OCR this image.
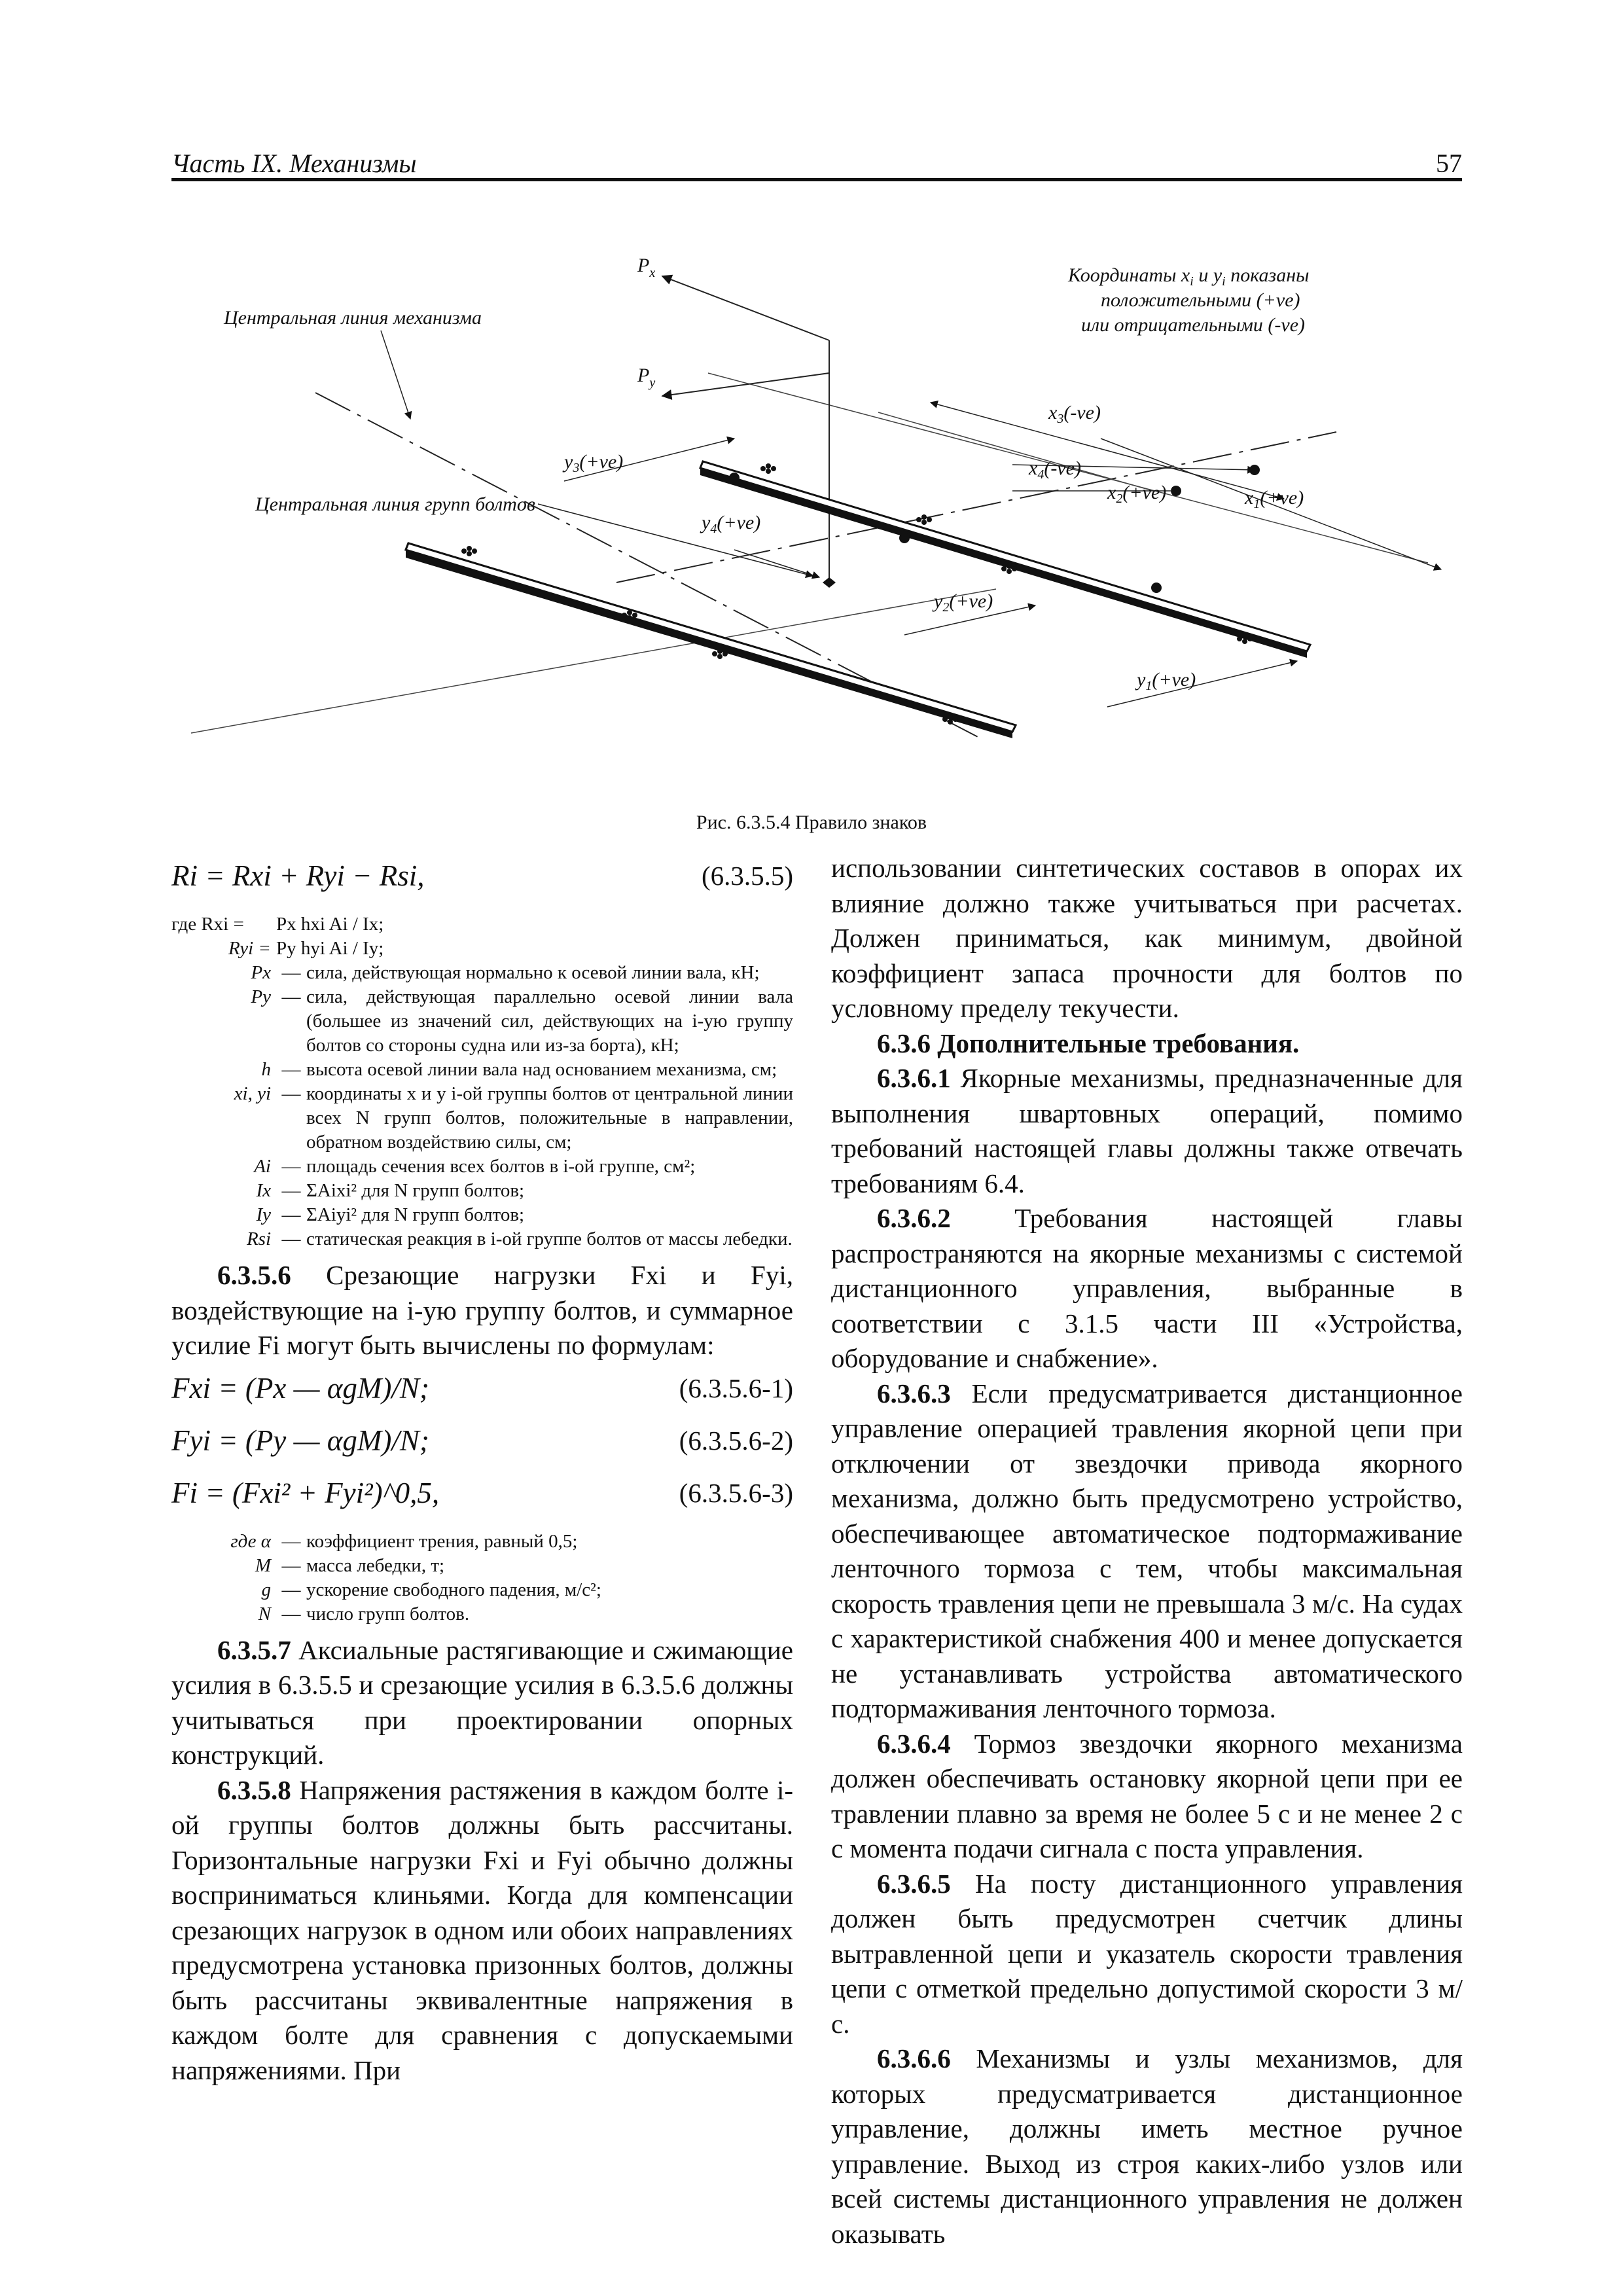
Часть IX. Механизмы	57
$P_x$
$P_y$
Центральная линия механизма
Центральная линия групп болтов
Координаты $x_i$ и $y_i$ показаны
положительными (+ve)
или отрицательными (-ve)
$x_3(-ve)$
$x_4(-ve)$
$x_2(+ve)$	$x_1(+ve)$
$y_3(+ve)$
$y_4(+ve)$
$y_2(+ve)$
$y_1(+ve)$
Рис. 6.3.5.4 Правило знаков
Ri = Rxi + Ryi − Rsi,	(6.3.5.5)
где Rxi =	Px hxi Ai / Ix;
Ryi = Py hyi Ai / Iy;
Px — сила, действующая нормально к осевой линии вала, кН;
Py — сила, действующая параллельно осевой линии вала (большее из значений сил, действующих на i-ую группу болтов со стороны судна или из-за борта), кН;
h — высота осевой линии вала над основанием механизма, см;
xi, yi — координаты x и y i-ой группы болтов от центральной линии всех N групп болтов, положительные в направлении, обратном воздействию силы, см;
Ai — площадь сечения всех болтов в i-ой группе, см²;
Ix — ΣAixi² для N групп болтов;
Iy — ΣAiyi² для N групп болтов;
Rsi — статическая реакция в i-ой группе болтов от массы лебедки.

6.3.5.6 Срезающие нагрузки Fxi и Fyi, воздействующие на i-ую группу болтов, и суммарное усилие Fi могут быть вычислены по формулам:

Fxi = (Px — αgM)/N;	(6.3.5.6-1)
Fyi = (Py — αgM)/N;	(6.3.5.6-2)
Fi = (Fxi² + Fyi²)^0,5,	(6.3.5.6-3)
где α — коэффициент трения, равный 0,5;
M — масса лебедки, т;
g — ускорение свободного падения, м/с²;
N — число групп болтов.

6.3.5.7 Аксиальные растягивающие и сжимающие усилия в 6.3.5.5 и срезающие усилия в 6.3.5.6 должны учитываться при проектировании опорных конструкций.

6.3.5.8 Напряжения растяжения в каждом болте i-ой группы болтов должны быть рассчитаны. Горизонтальные нагрузки Fxi и Fyi обычно должны восприниматься клиньями. Когда для компенсации срезающих нагрузок в одном или обоих направлениях предусмотрена установка призонных болтов, должны быть рассчитаны эквивалентные напряжения в каждом болте для сравнения с допускаемыми напряжениями. При

использовании синтетических составов в опорах их влияние должно также учитываться при расчетах. Должен приниматься, как минимум, двойной коэффициент запаса прочности для болтов по условному пределу текучести.

6.3.6 Дополнительные требования.

6.3.6.1 Якорные механизмы, предназначенные для выполнения швартовных операций, помимо требований настоящей главы должны также отвечать требованиям 6.4.

6.3.6.2 Требования настоящей главы распространяются на якорные механизмы с системой дистанционного управления, выбранные в соответствии с 3.1.5 части III «Устройства, оборудование и снабжение».

6.3.6.3 Если предусматривается дистанционное управление операцией травления якорной цепи при отключении от звездочки привода якорного механизма, должно быть предусмотрено устройство, обеспечивающее автоматическое подтормаживание ленточного тормоза с тем, чтобы максимальная скорость травления цепи не превышала 3 м/с. На судах с характеристикой снабжения 400 и менее допускается не устанавливать устройства автоматического подтормаживания ленточного тормоза.

6.3.6.4 Тормоз звездочки якорного механизма должен обеспечивать остановку якорной цепи при ее травлении плавно за время не более 5 с и не менее 2 с с момента подачи сигнала с поста управления.

6.3.6.5 На посту дистанционного управления должен быть предусмотрен счетчик длины вытравленной цепи и указатель скорости травления цепи с отметкой предельно допустимой скорости 3 м/с.

6.3.6.6 Механизмы и узлы механизмов, для которых предусматривается дистанционное управление, должны иметь местное ручное управление. Выход из строя каких-либо узлов или всей системы дистанционного управления не должен оказывать
